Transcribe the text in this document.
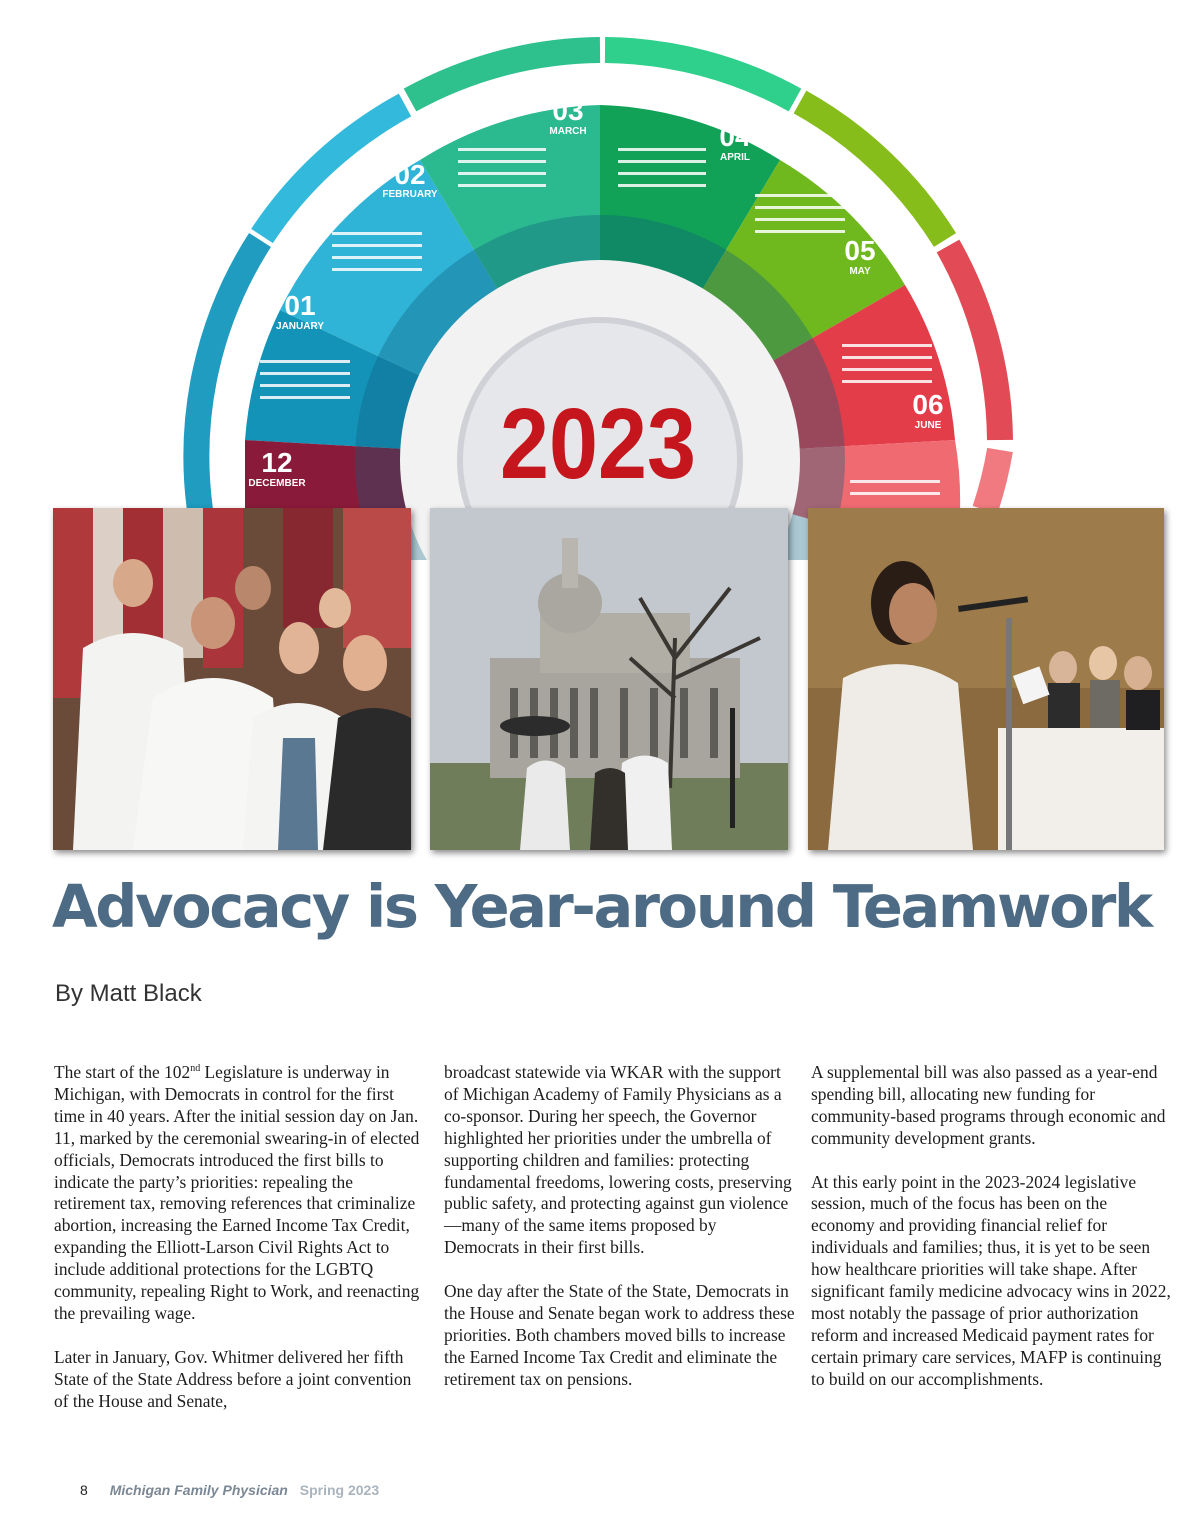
01
JANUARY
02
FEBRUARY
03
MARCH	04
APRIL
05
MAY
06
JUNE
12
DECEMBER 2023
Advocacy is Year-around Teamwork
By Matt Black

The start of the 102nd Legislature is underway in Michigan, with Democrats in control for the first time in 40 years. After the initial session day on Jan. 11, marked by the ceremonial swearing-in of elected officials, Democrats introduced the first bills to indicate the party’s priorities: repealing the retirement tax, removing references that criminalize abortion, increasing the Earned Income Tax Credit, expanding the Elliott-Larson Civil Rights Act to include additional protections for the LGBTQ community, repealing Right to Work, and reenacting the prevailing wage.

Later in January, Gov. Whitmer delivered her fifth State of the State Address before a joint convention of the House and Senate,

broadcast statewide via WKAR with the support of Michigan Academy of Family Physicians as a co-sponsor. During her speech, the Governor highlighted her priorities under the umbrella of supporting children and families: protecting fundamental freedoms, lowering costs, preserving public safety, and protecting against gun violence—many of the same items proposed by Democrats in their first bills.

One day after the State of the State, Democrats in the House and Senate began work to address these priorities. Both chambers moved bills to increase the Earned Income Tax Credit and eliminate the retirement tax on pensions.

A supplemental bill was also passed as a year-end spending bill, allocating new funding for community-based programs through economic and community development grants.

At this early point in the 2023-2024 legislative session, much of the focus has been on the economy and providing financial relief for individuals and families; thus, it is yet to be seen how healthcare priorities will take shape. After significant family medicine advocacy wins in 2022, most notably the passage of prior authorization reform and increased Medicaid payment rates for certain primary care services, MAFP is continuing to build on our accomplishments.

8 Michigan Family Physician Spring 2023
